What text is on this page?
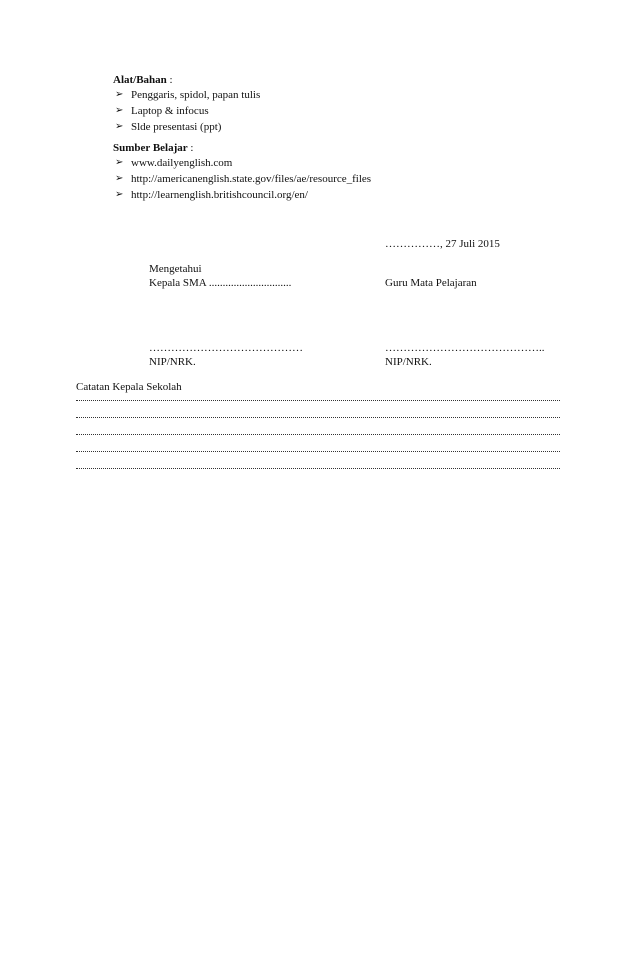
Alat/Bahan :
➢ Penggaris, spidol, papan tulis
➢ Laptop & infocus
➢ Slde presentasi (ppt)
Sumber Belajar :
➢ www.dailyenglish.com
➢ http://americanenglish.state.gov/files/ae/resource_files
➢ http://learnenglish.britishcouncil.org/en/
……………, 27 Juli 2015
Mengetahui
Kepala SMA ..............................	Guru Mata Pelajaran
……………………………………	……………………………………..
NIP/NRK.	NIP/NRK.
Catatan Kepala Sekolah
